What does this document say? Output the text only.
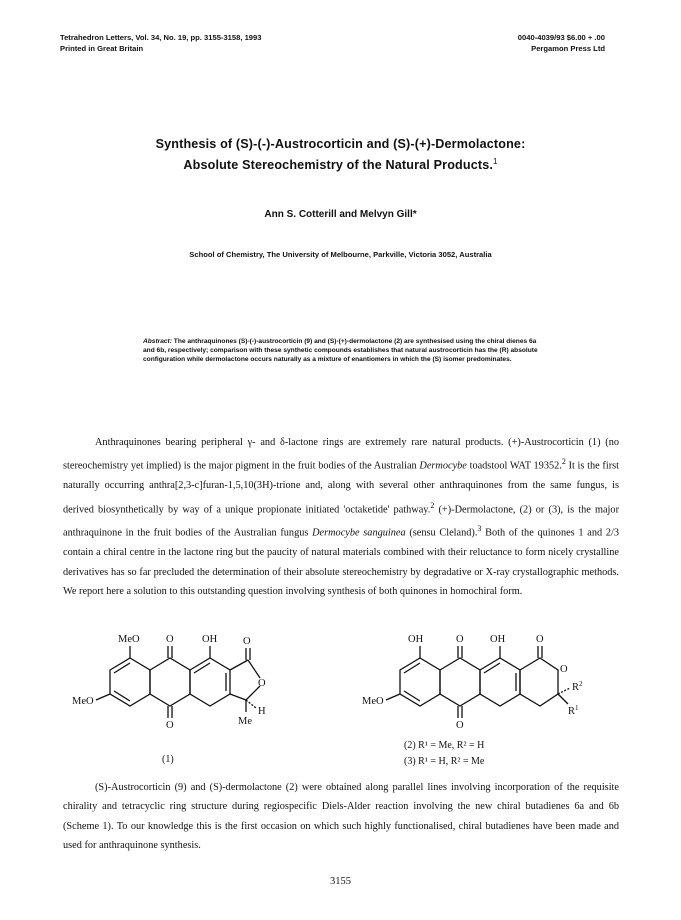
Tetrahedron Letters, Vol. 34, No. 19, pp. 3155-3158, 1993
Printed in Great Britain
0040-4039/93 $6.00 + .00
Pergamon Press Ltd
Synthesis of (S)-(-)-Austrocorticin and (S)-(+)-Dermolactone:
Absolute Stereochemistry of the Natural Products.$^1$
Ann S. Cotterill and Melvyn Gill*
School of Chemistry, The University of Melbourne, Parkville, Victoria 3052, Australia
Abstract: The anthraquinones (S)-(-)-austrocorticin (9) and (S)-(+)-dermolactone (2) are synthesised using the chiral dienes 6a and 6b, respectively; comparison with these synthetic compounds establishes that natural austrocorticin has the (R) absolute configuration while dermolactone occurs naturally as a mixture of enantiomers in which the (S) isomer predominates.
Anthraquinones bearing peripheral γ- and δ-lactone rings are extremely rare natural products. (+)-Austrocorticin (1) (no stereochemistry yet implied) is the major pigment in the fruit bodies of the Australian Dermocybe toadstool WAT 19352.$^2$ It is the first naturally occurring anthra[2,3-c]furan-1,5,10(3H)-trione and, along with several other anthraquinones from the same fungus, is derived biosynthetically by way of a unique propionate initiated 'octaketide' pathway.$^2$ (+)-Dermolactone, (2) or (3), is the major anthraquinone in the fruit bodies of the Australian fungus Dermocybe sanguinea (sensu Cleland).$^3$ Both of the quinones 1 and 2/3 contain a chiral centre in the lactone ring but the paucity of natural materials combined with their reluctance to form nicely crystalline derivatives has so far precluded the determination of their absolute stereochemistry by degradative or X-ray crystallographic methods. We report here a solution to this outstanding question involving synthesis of both quinones in homochiral form.
MeO	O	OH O
O
MeO
H
Me
O
(1)
OH	O	OH	O
O
$R^2$
$R^1$
MeO
O
(2) R¹ = Me, R² = H
(3) R¹ = H, R² = Me
(S)-Austrocorticin (9) and (S)-dermolactone (2) were obtained along parallel lines involving incorporation of the requisite chirality and tetracyclic ring structure during regiospecific Diels-Alder reaction involving the new chiral butadienes 6a and 6b (Scheme 1). To our knowledge this is the first occasion on which such highly functionalised, chiral butadienes have been made and used for anthraquinone synthesis.
3155
